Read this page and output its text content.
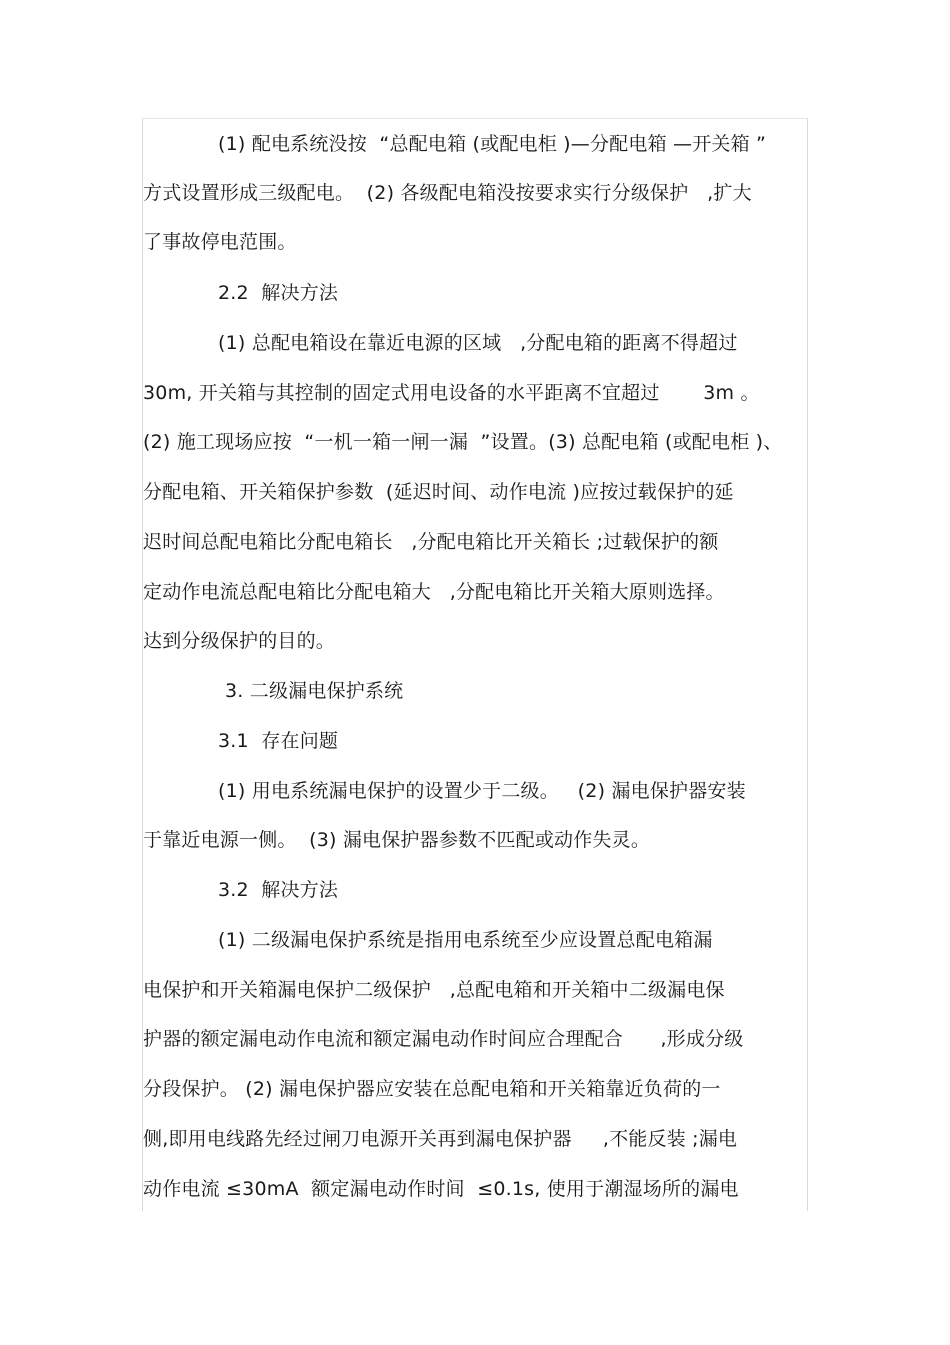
(1) 配电系统没按  “总配电箱 (或配电柜 )—分配电箱 —开关箱 ”
方式设置形成三级配电。  (2) 各级配电箱没按要求实行分级保护   ,扩大
了事故停电范围。
2.2  解决方法
(1) 总配电箱设在靠近电源的区域   ,分配电箱的距离不得超过
30m, 开关箱与其控制的固定式用电设备的水平距离不宜超过       3m 。
(2) 施工现场应按  “一机一箱一闸一漏  ”设置。(3) 总配电箱 (或配电柜 )、
分配电箱、开关箱保护参数  (延迟时间、动作电流 )应按过载保护的延
迟时间总配电箱比分配电箱长   ,分配电箱比开关箱长 ;过载保护的额
定动作电流总配电箱比分配电箱大   ,分配电箱比开关箱大原则选择。
达到分级保护的目的。
3. 二级漏电保护系统
3.1  存在问题
(1) 用电系统漏电保护的设置少于二级。   (2) 漏电保护器安装
于靠近电源一侧。  (3) 漏电保护器参数不匹配或动作失灵。
3.2  解决方法
(1) 二级漏电保护系统是指用电系统至少应设置总配电箱漏
电保护和开关箱漏电保护二级保护   ,总配电箱和开关箱中二级漏电保
护器的额定漏电动作电流和额定漏电动作时间应合理配合      ,形成分级
分段保护。 (2) 漏电保护器应安装在总配电箱和开关箱靠近负荷的一
侧,即用电线路先经过闸刀电源开关再到漏电保护器     ,不能反装 ;漏电
动作电流 ≤30mA  额定漏电动作时间  ≤0.1s, 使用于潮湿场所的漏电
